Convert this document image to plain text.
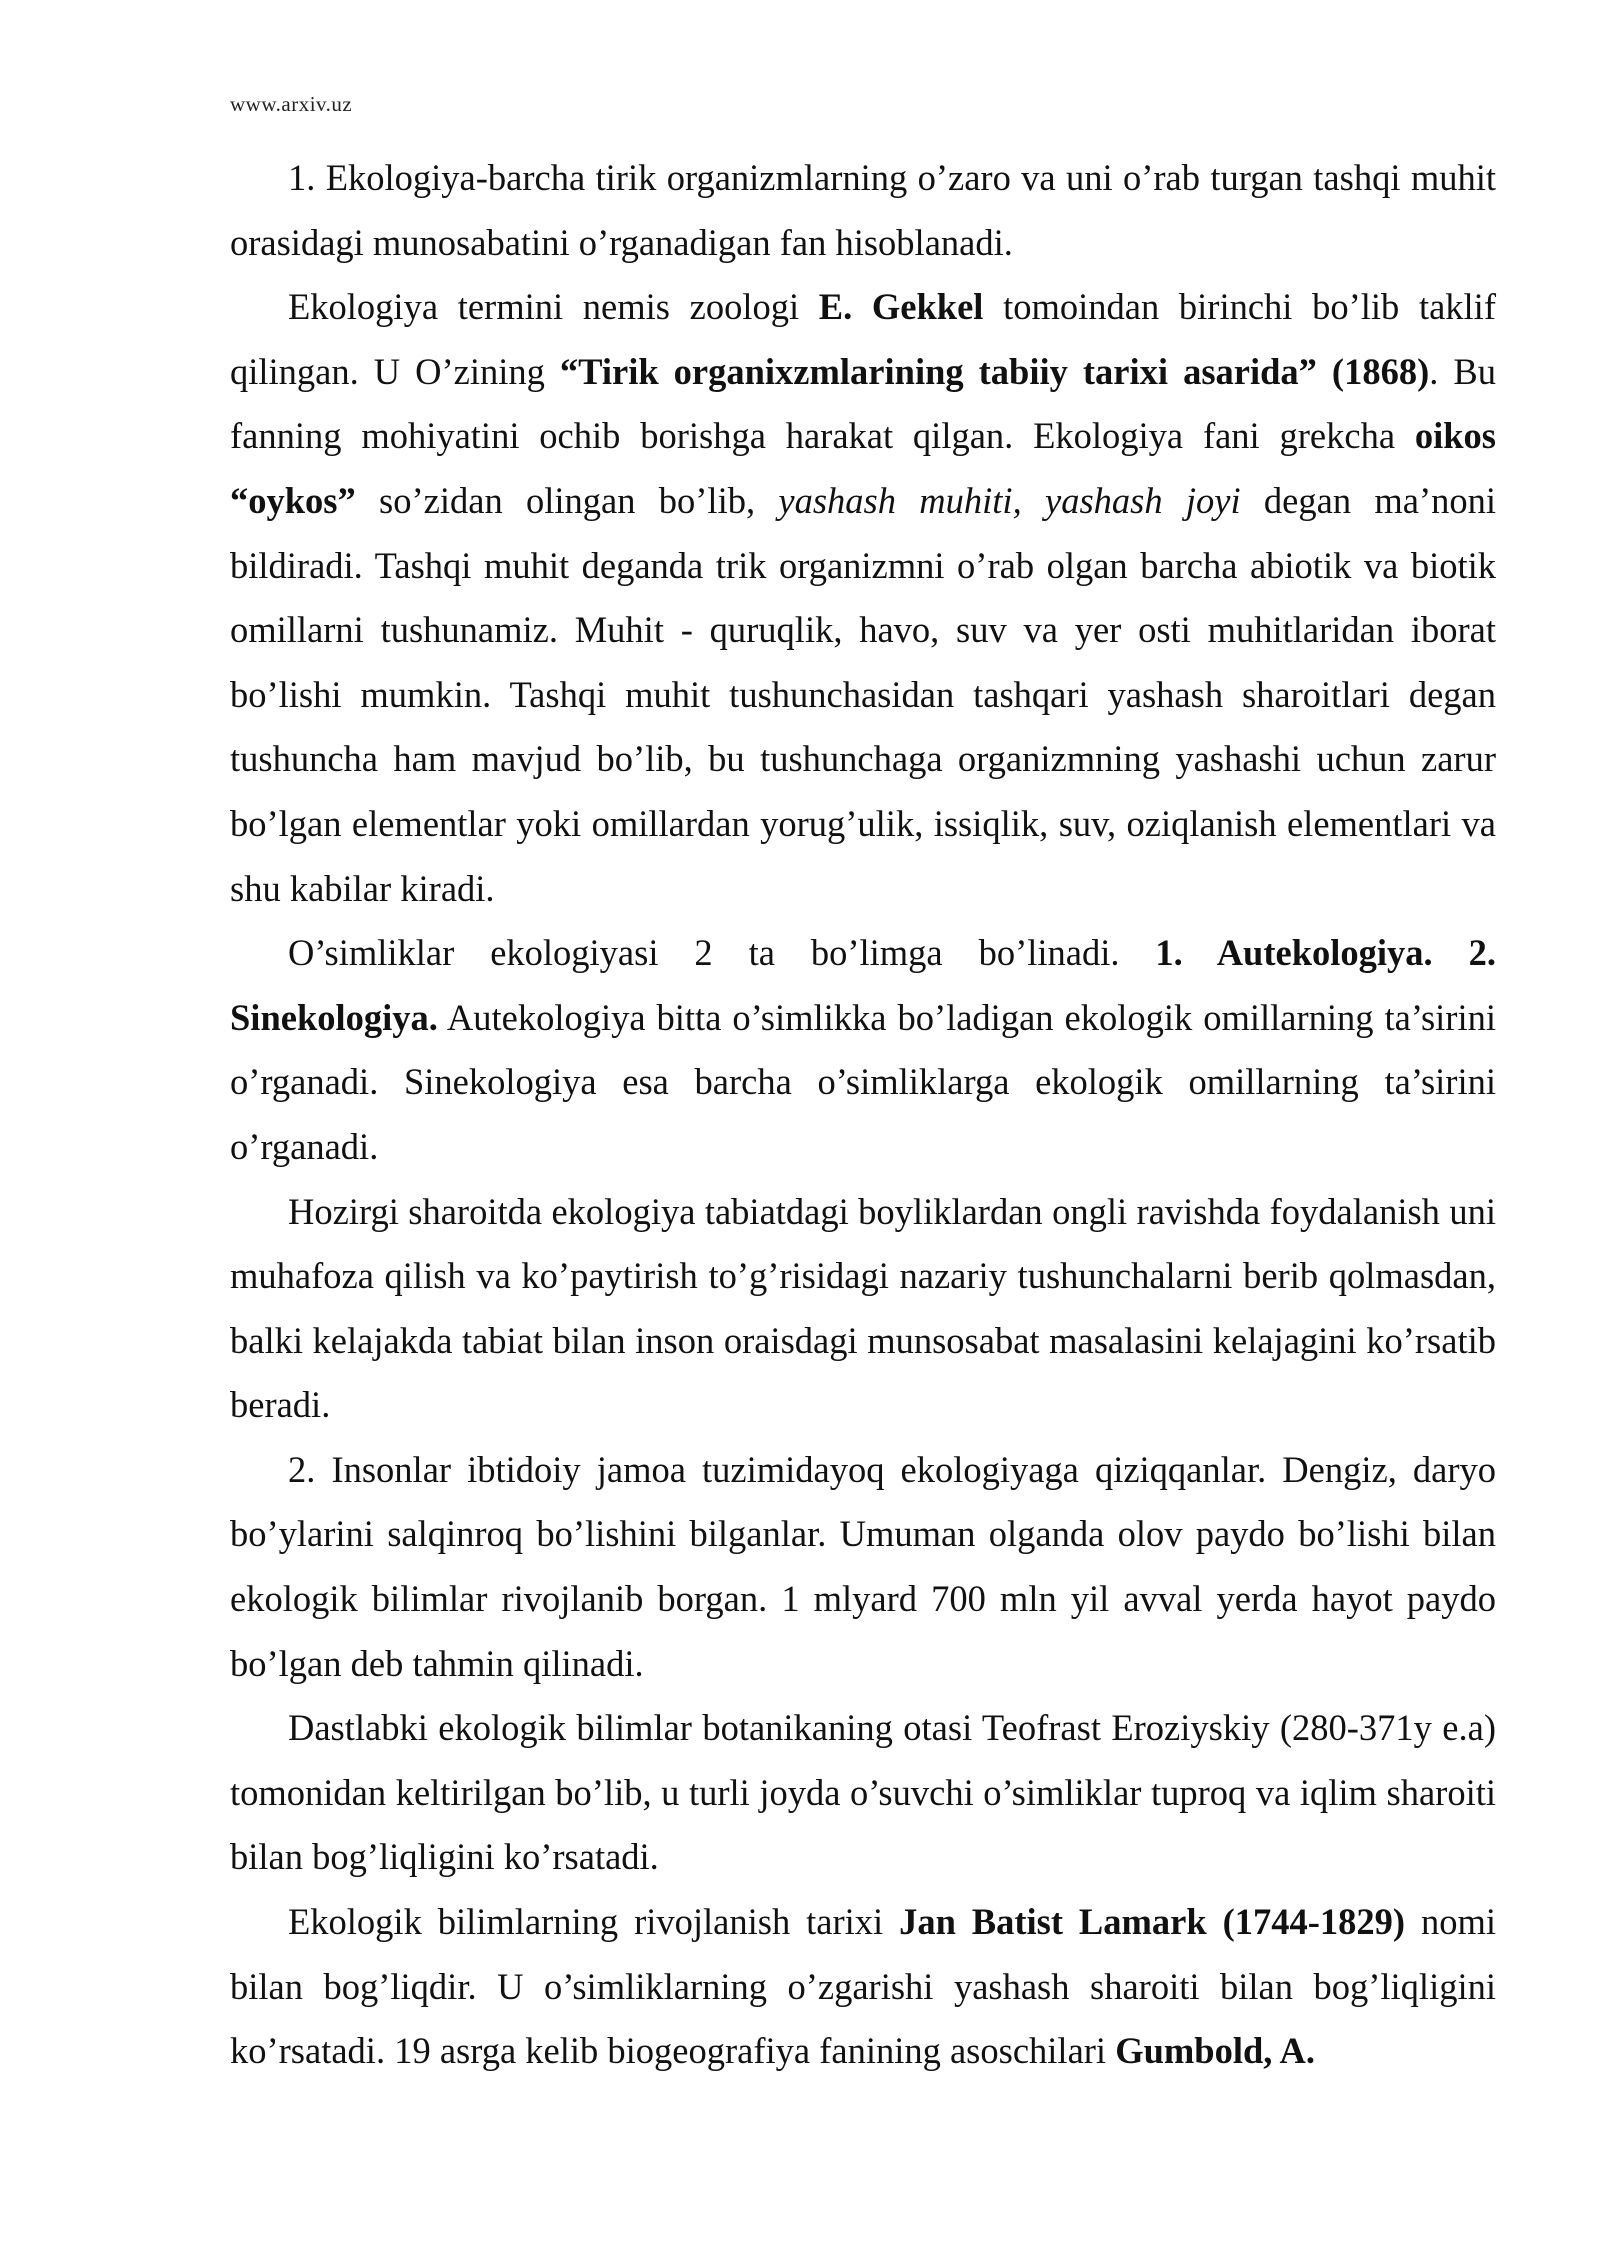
www.arxiv.uz

1. Ekologiya-barcha tirik organizmlarning o’zaro va uni o’rab turgan tashqi muhit orasidagi munosabatini o’rganadigan fan hisoblanadi.

Ekologiya termini nemis zoologi E. Gekkel tomoindan birinchi bo’lib taklif qilingan. U O’zining “Tirik organixzmlarining tabiiy tarixi asarida” (1868). Bu fanning mohiyatini ochib borishga harakat qilgan. Ekologiya fani grekcha oikos “oykos” so’zidan olingan bo’lib, yashash muhiti, yashash joyi degan ma’noni bildiradi. Tashqi muhit deganda trik organizmni o’rab olgan barcha abiotik va biotik omillarni tushunamiz. Muhit - quruqlik, havo, suv va yer osti muhitlaridan iborat bo’lishi mumkin. Tashqi muhit tushunchasidan tashqari yashash sharoitlari degan tushuncha ham mavjud bo’lib, bu tushunchaga organizmning yashashi uchun zarur bo’lgan elementlar yoki omillardan yorug’ulik, issiqlik, suv, oziqlanish elementlari va shu kabilar kiradi.

O’simliklar ekologiyasi 2 ta bo’limga bo’linadi. 1. Autekologiya. 2. Sinekologiya. Autekologiya bitta o’simlikka bo’ladigan ekologik omillarning ta’sirini o’rganadi. Sinekologiya esa barcha o’simliklarga ekologik omillarning ta’sirini o’rganadi.

Hozirgi sharoitda ekologiya tabiatdagi boyliklardan ongli ravishda foydalanish uni muhafoza qilish va ko’paytirish to’g’risidagi nazariy tushunchalarni berib qolmasdan, balki kelajakda tabiat bilan inson oraisdagi munsosabat masalasini kelajagini ko’rsatib beradi.

2. Insonlar ibtidoiy jamoa tuzimidayoq ekologiyaga qiziqqanlar. Dengiz, daryo bo’ylarini salqinroq bo’lishini bilganlar. Umuman olganda olov paydo bo’lishi bilan ekologik bilimlar rivojlanib borgan. 1 mlyard 700 mln yil avval yerda hayot paydo bo’lgan deb tahmin qilinadi.

Dastlabki ekologik bilimlar botanikaning otasi Teofrast Eroziyskiy (280-371y e.a) tomonidan keltirilgan bo’lib, u turli joyda o’suvchi o’simliklar tuproq va iqlim sharoiti bilan bog’liqligini ko’rsatadi.

Ekologik bilimlarning rivojlanish tarixi Jan Batist Lamark (1744-1829) nomi bilan bog’liqdir. U o’simliklarning o’zgarishi yashash sharoiti bilan bog’liqligini ko’rsatadi. 19 asrga kelib biogeografiya fanining asoschilari Gumbold, A.
